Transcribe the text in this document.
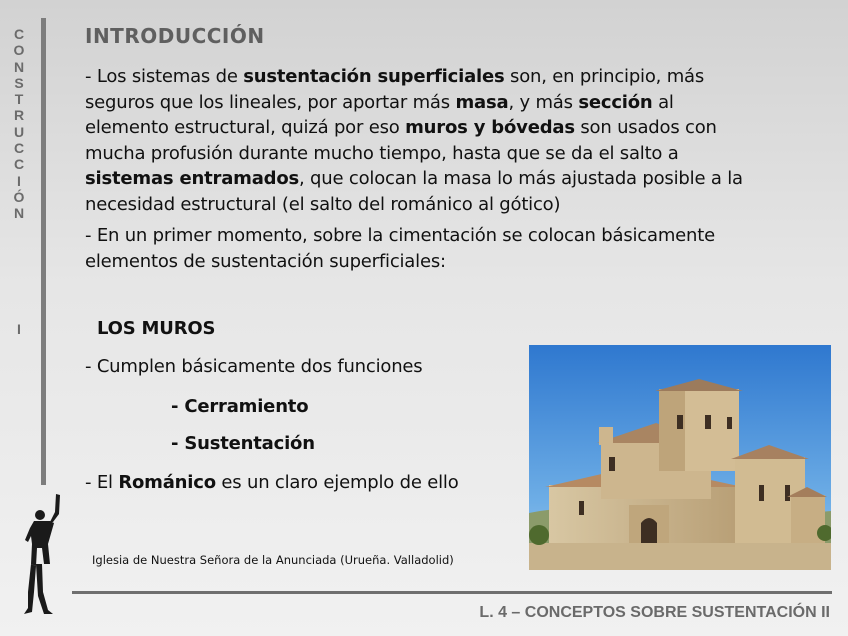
C
O
N
S
T
R
U
C
C
I
Ó
N
I
INTRODUCCIÓN

- Los sistemas de sustentación superficiales son, en principio, más seguros que los lineales, por aportar más masa, y más sección al elemento estructural, quizá por eso muros y bóvedas son usados con mucha profusión durante mucho tiempo, hasta que se da el salto a sistemas entramados, que colocan la masa lo más ajustada posible a la necesidad estructural (el salto del románico al gótico)

- En un primer momento, sobre la cimentación se colocan básicamente elementos de sustentación superficiales:

LOS MUROS
- Cumplen básicamente dos funciones
- Cerramiento
- Sustentación
- El Románico es un claro ejemplo de ello
Iglesia de Nuestra Señora de la Anunciada (Urueña. Valladolid)
L. 4 – CONCEPTOS SOBRE SUSTENTACIÓN II
